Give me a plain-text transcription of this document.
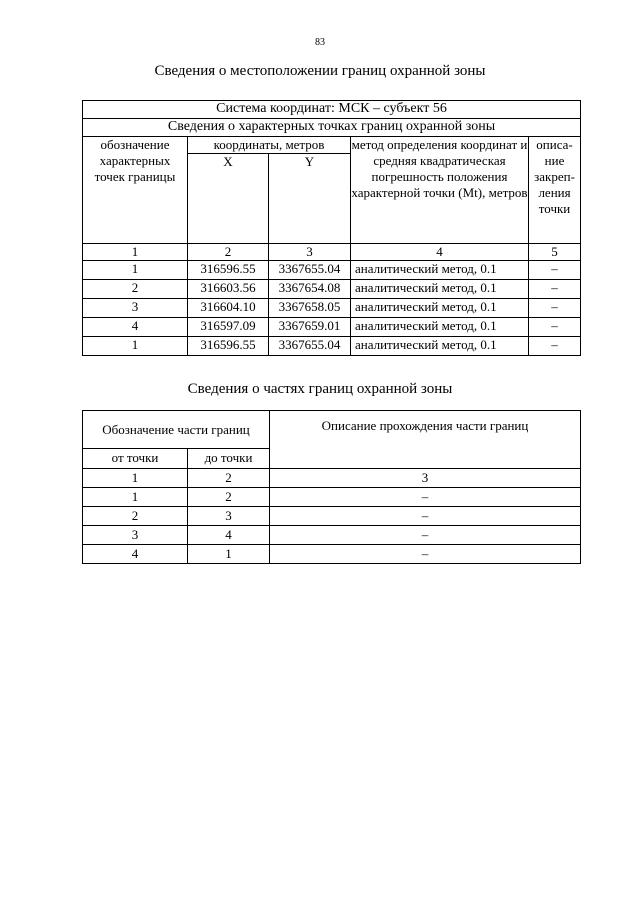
83
Сведения о местоположении границ охранной зоны
Система координат: МСК – субъект 56				
Сведения о характерных точках границ охранной зоны				
обозначение характерных точек границы	координаты, метров		метод определения координат и средняя квадратическая погрешность положения характерной точки (Mt), метров	описа-ние закреп-ления точки
	X	Y		
1	2	3	4	5
1	316596.55	3367655.04	аналитический метод, 0.1	–
2	316603.56	3367654.08	аналитический метод, 0.1	–
3	316604.10	3367658.05	аналитический метод, 0.1	–
4	316597.09	3367659.01	аналитический метод, 0.1	–
1	316596.55	3367655.04	аналитический метод, 0.1	–
Сведения о частях границ охранной зоны
Обозначение части границ		Описание прохождения части границ
от точки	до точки	
1	2	3
1	2	–
2	3	–
3	4	–
4	1	–
